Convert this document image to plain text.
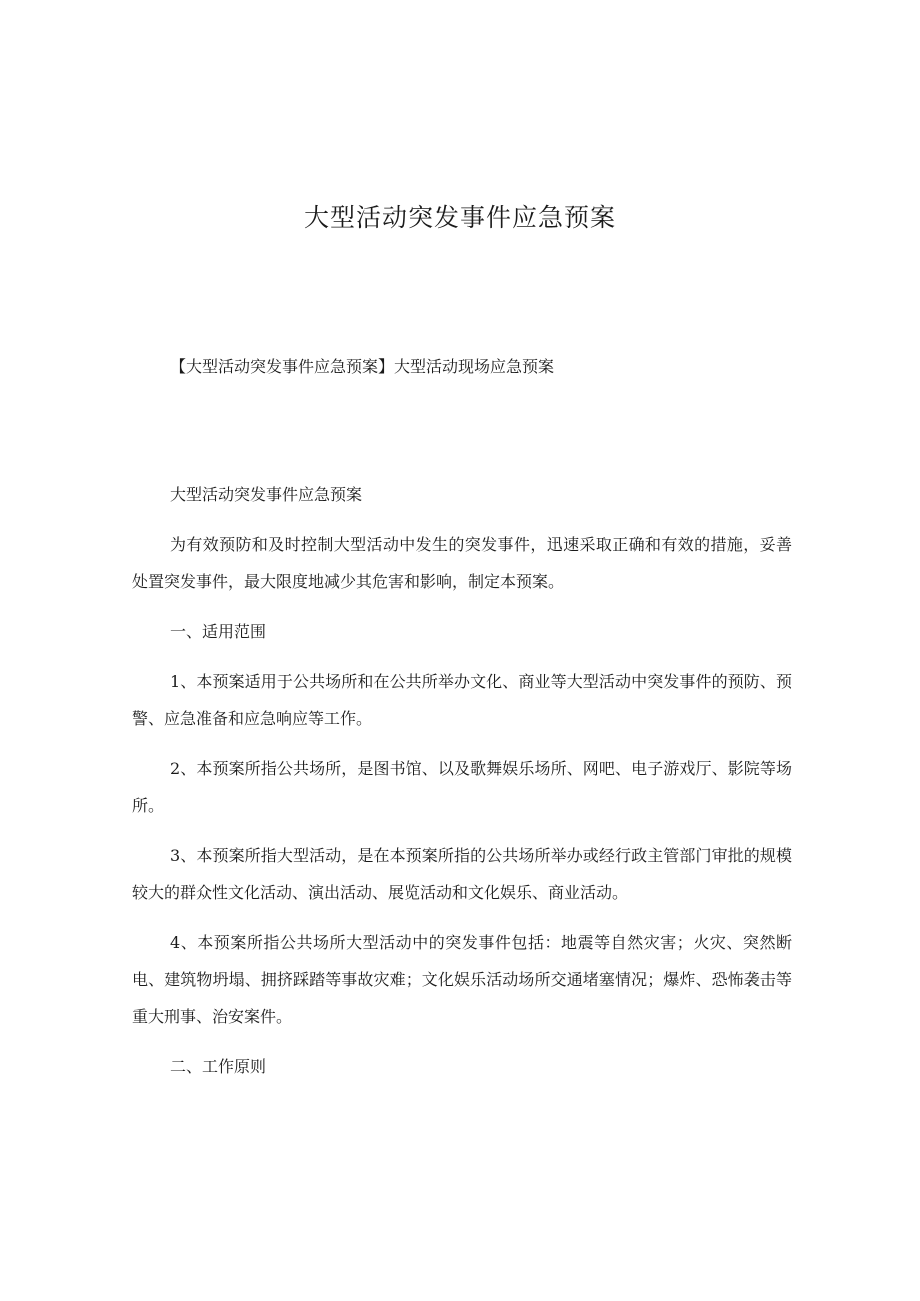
大型活动突发事件应急预案
【大型活动突发事件应急预案】大型活动现场应急预案

大型活动突发事件应急预案

为有效预防和及时控制大型活动中发生的突发事件，迅速采取正确和有效的措施，妥善处置突发事件，最大限度地减少其危害和影响，制定本预案。

一、适用范围

1、本预案适用于公共场所和在公共所举办文化、商业等大型活动中突发事件的预防、预警、应急准备和应急响应等工作。

2、本预案所指公共场所，是图书馆、以及歌舞娱乐场所、网吧、电子游戏厅、影院等场所。

3、本预案所指大型活动，是在本预案所指的公共场所举办或经行政主管部门审批的规模较大的群众性文化活动、演出活动、展览活动和文化娱乐、商业活动。

4、本预案所指公共场所大型活动中的突发事件包括：地震等自然灾害；火灾、突然断电、建筑物坍塌、拥挤踩踏等事故灾难；文化娱乐活动场所交通堵塞情况；爆炸、恐怖袭击等重大刑事、治安案件。

二、工作原则
